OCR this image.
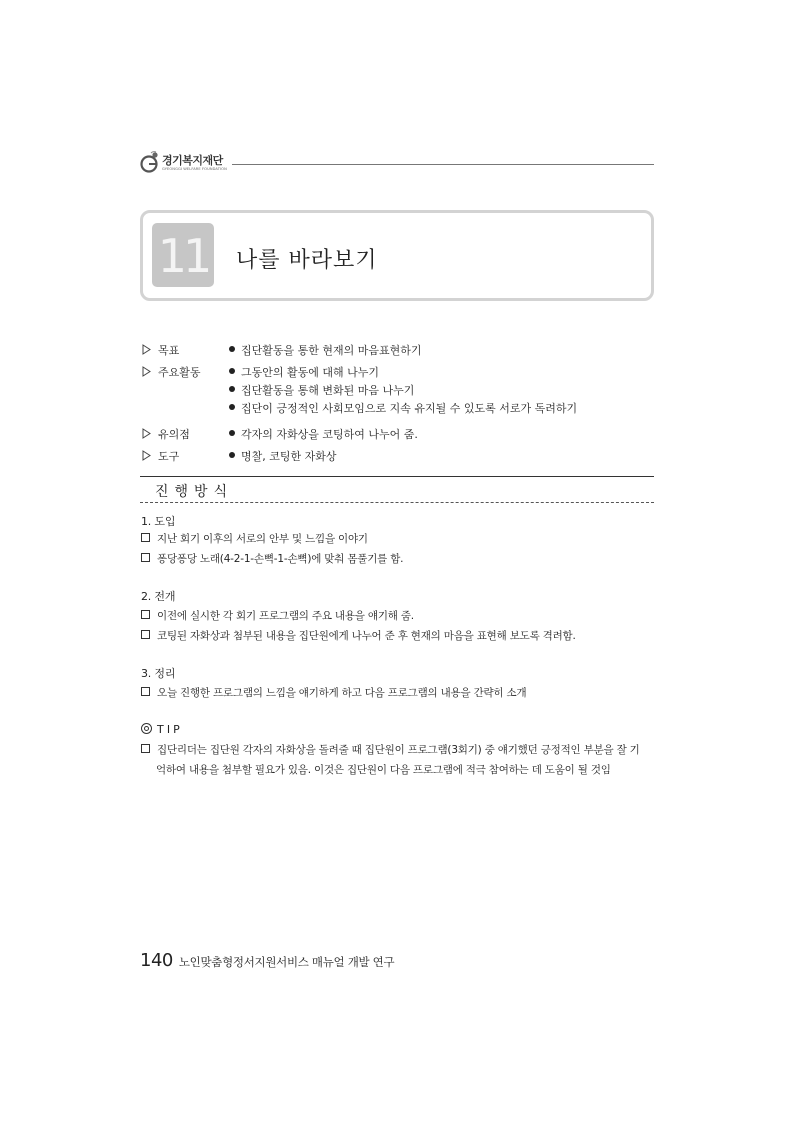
경기복지재단
GYEONGGI WELFARE FOUNDATION
11 나를 바라보기
목표	집단활동을 통한 현재의 마음표현하기
주요활동	그동안의 활동에 대해 나누기
집단활동을 통해 변화된 마음 나누기
집단이 긍정적인 사회모임으로 지속 유지될 수 있도록 서로가 독려하기
유의점	각자의 자화상을 코팅하여 나누어 줌.
도구	명찰, 코팅한 자화상
진행방식
1. 도입
지난 회기 이후의 서로의 안부 및 느낌을 이야기
퐁당퐁당 노래(4-2-1-손뼉-1-손뼉)에 맞춰 몸풀기를 함.
2. 전개
이전에 실시한 각 회기 프로그램의 주요 내용을 얘기해 줌.
코팅된 자화상과 첨부된 내용을 집단원에게 나누어 준 후 현재의 마음을 표현해 보도록 격려함.
3. 정리
오늘 진행한 프로그램의 느낌을 얘기하게 하고 다음 프로그램의 내용을 간략히 소개
T I P
집단리더는 집단원 각자의 자화상을 돌려줄 때 집단원이 프로그램(3회기) 중 얘기했던 긍정적인 부분을 잘 기
억하여 내용을 첨부할 필요가 있음. 이것은 집단원이 다음 프로그램에 적극 참여하는 데 도움이 될 것임
140 노인맞춤형정서지원서비스 매뉴얼 개발 연구
